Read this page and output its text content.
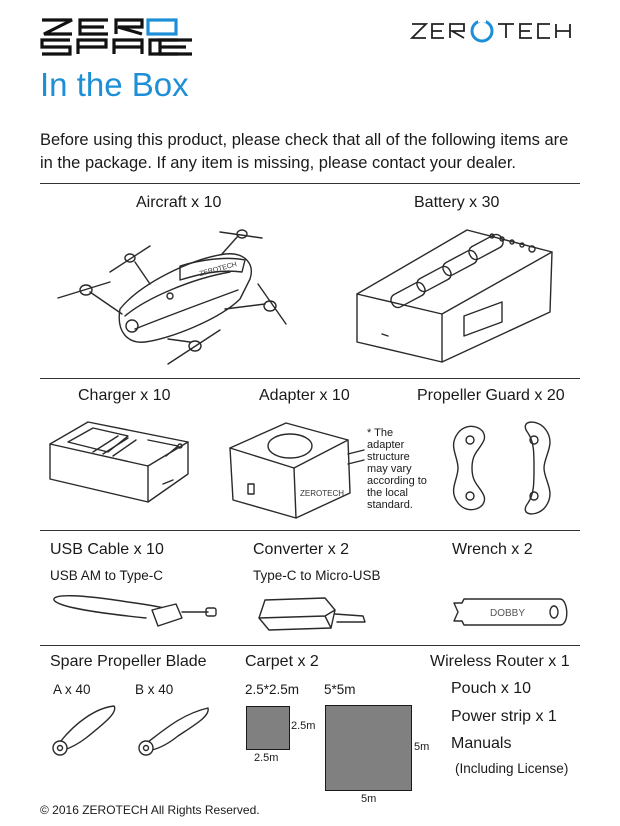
In the Box
Before using this product, please check that all of the following items are in the package. If any item is missing, please contact your dealer.
Aircraft x 10	Battery x 30
ZEROTECH
Charger x 10	Adapter x 10	Propeller Guard x 20
ZEROTECH
* The adapter structure may vary according to the local standard.
USB Cable x 10
USB AM to Type-C
Converter x 2
Type-C to Micro-USB
Wrench x 2
DOBBY
Spare Propeller Blade
A x 40	B x 40
Carpet x 2
2.5*2.5m 5*5m
Wireless Router x 1
Pouch x 10
Power strip x 1
Manuals
(Including License)
2.5m
2.5m
5m
5m
© 2016 ZEROTECH All Rights Reserved.
